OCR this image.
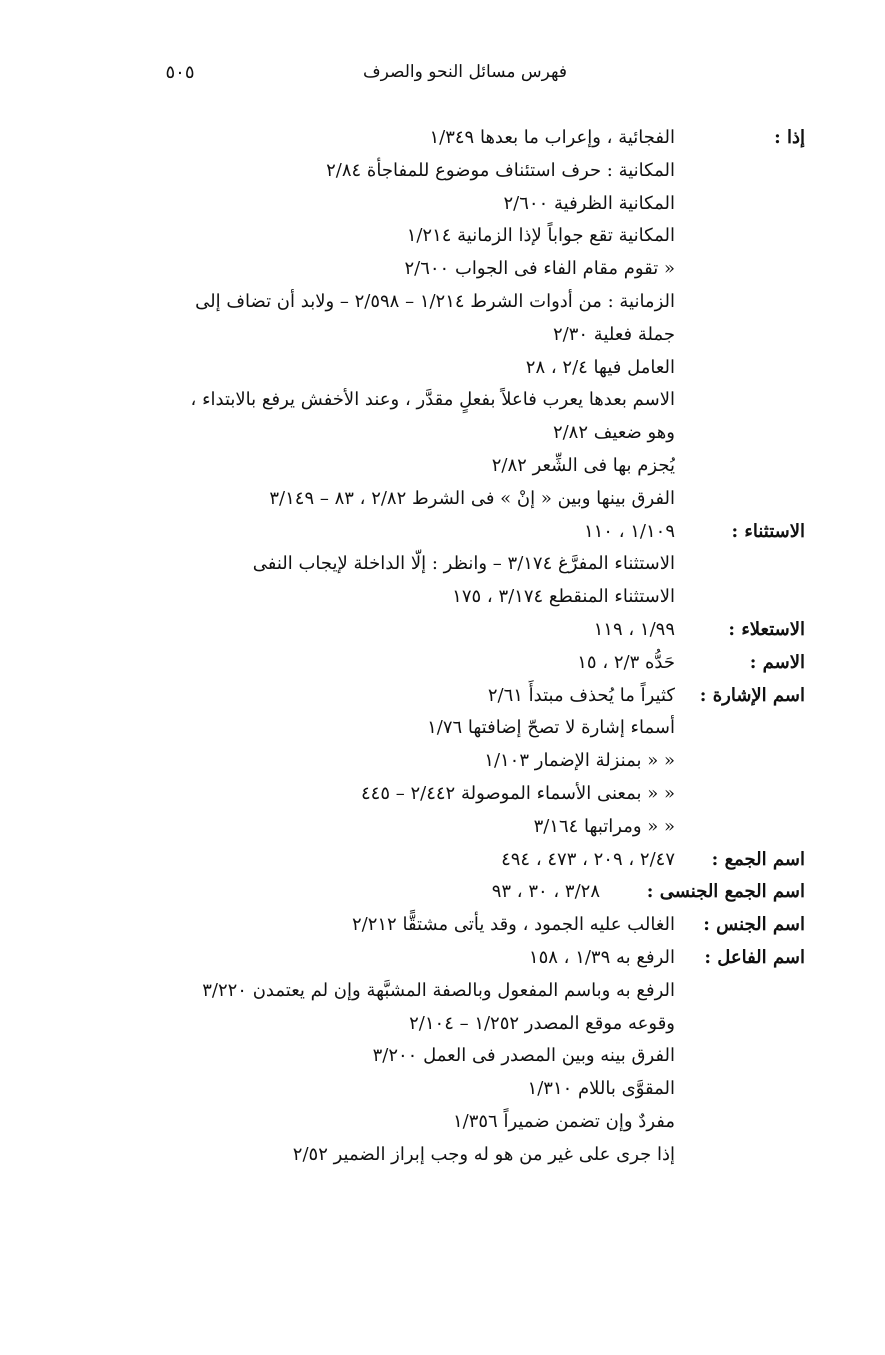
فهرس مسائل النحو والصرف
٥٠٥
إذا :
الفجائية ، وإعراب ما بعدها ١/٣٤٩
المكانية : حرف استئناف موضوع للمفاجأة ٢/٨٤
المكانية الظرفية ٢/٦٠٠
المكانية تقع جواباً لإذا الزمانية ١/٢١٤
« تقوم مقام الفاء فى الجواب ٢/٦٠٠
الزمانية : من أدوات الشرط ١/٢١٤ – ٢/٥٩٨ – ولابد أن تضاف إلى
جملة فعلية ٢/٣٠
العامل فيها ٢/٤ ، ٢٨
الاسم بعدها يعرب فاعلاً بفعلٍ مقدَّر ، وعند الأخفش يرفع بالابتداء ،
وهو ضعيف ٢/٨٢
يُجزم بها فى الشِّعر ٢/٨٢
الفرق بينها وبين « إنْ » فى الشرط ٢/٨٢ ، ٨٣ – ٣/١٤٩
الاستثناء :
١/١٠٩ ، ١١٠
الاستثناء المفرَّغ ٣/١٧٤ – وانظر : إلّا الداخلة لإيجاب النفى
الاستثناء المنقطع ٣/١٧٤ ، ١٧٥
الاستعلاء :
١/٩٩ ، ١١٩
الاسم :
حَدُّه ٢/٣ ، ١٥
اسم الإشارة :
كثيراً ما يُحذف مبتدأً ٢/٦١
أسماء إشارة لا تصحّ إضافتها ١/٧٦
« « بمنزلة الإضمار ١/١٠٣
« « بمعنى الأسماء الموصولة ٢/٤٤٢ – ٤٤٥
« « ومراتبها ٣/١٦٤
اسم الجمع :
٢/٤٧ ، ٢٠٩ ، ٤٧٣ ، ٤٩٤
اسم الجمع الجنسى :
٣/٢٨ ، ٣٠ ، ٩٣
اسم الجنس :
الغالب عليه الجمود ، وقد يأتى مشتقًّا ٢/٢١٢
اسم الفاعل :
الرفع به ١/٣٩ ، ١٥٨
الرفع به وباسم المفعول وبالصفة المشبَّهة وإن لم يعتمدن ٣/٢٢٠
وقوعه موقع المصدر ١/٢٥٢ – ٢/١٠٤
الفرق بينه وبين المصدر فى العمل ٣/٢٠٠
المقوَّى باللام ١/٣١٠
مفردٌ وإن تضمن ضميراً ١/٣٥٦
إذا جرى على غير من هو له وجب إبراز الضمير ٢/٥٢
